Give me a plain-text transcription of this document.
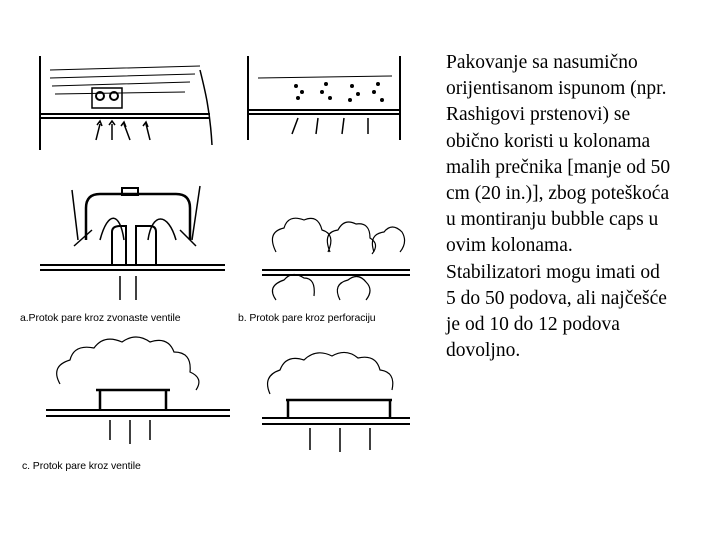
a.Protok pare kroz zvonaste ventile	b. Protok pare kroz perforaciju
c. Protok pare kroz ventile
Pakovanje sa nasumično
orijentisanom ispunom (npr.
Rashigovi prstenovi) se
obično koristi u kolonama
malih prečnika [manje od 50
cm (20 in.)], zbog poteškoća
u montiranju bubble caps u
ovim kolonama.
Stabilizatori mogu imati od
5 do 50 podova, ali najčešće
je od 10 do 12 podova
dovoljno.
